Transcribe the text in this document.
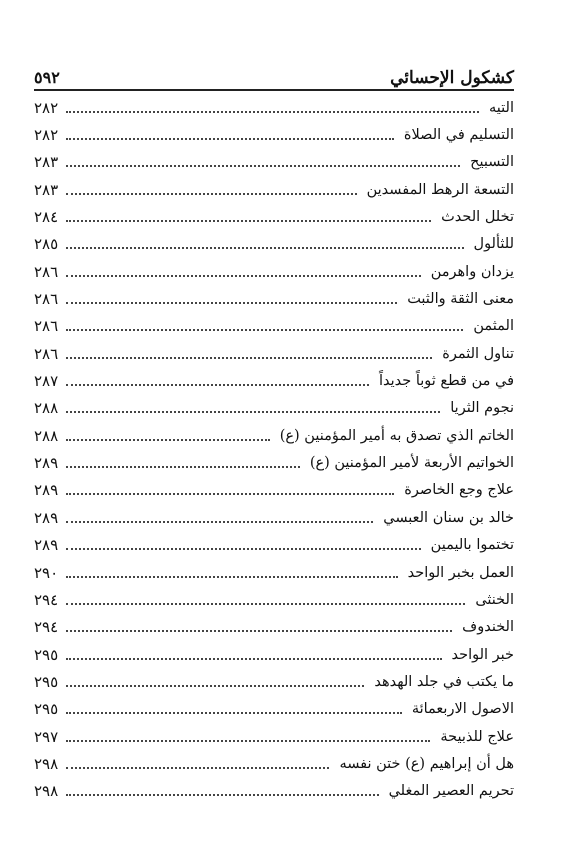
٥٩٢	كشكول الإحسائي
التيه
٢٨٢
التسليم في الصلاة
٢٨٢
التسبيح
٢٨٣
التسعة الرهط المفسدين
٢٨٣
تخلل الحدث
٢٨٤
للثألول
٢٨٥
يزدان واهرمن
٢٨٦
معنى الثقة والثبت
٢٨٦
المثمن
٢٨٦
تناول الثمرة
٢٨٦
في من قطع ثوباً جديداً
٢٨٧
نجوم الثريا
٢٨٨
الخاتم الذي تصدق به أمير المؤمنين (ع)
٢٨٨
الخواتيم الأربعة لأمير المؤمنين (ع)
٢٨٩
علاج وجع الخاصرة
٢٨٩
خالد بن سنان العبسي
٢٨٩
تختموا باليمين
٢٨٩
العمل بخبر الواحد
٢٩٠
الخنثى
٢٩٤
الخندوف
٢٩٤
خبر الواحد
٢٩٥
ما يكتب في جلد الهدهد
٢٩٥
الاصول الاربعمائة
٢٩٥
علاج للذبيحة
٢٩٧
هل أن إبراهيم (ع) ختن نفسه
٢٩٨
تحريم العصير المغلي
٢٩٨
